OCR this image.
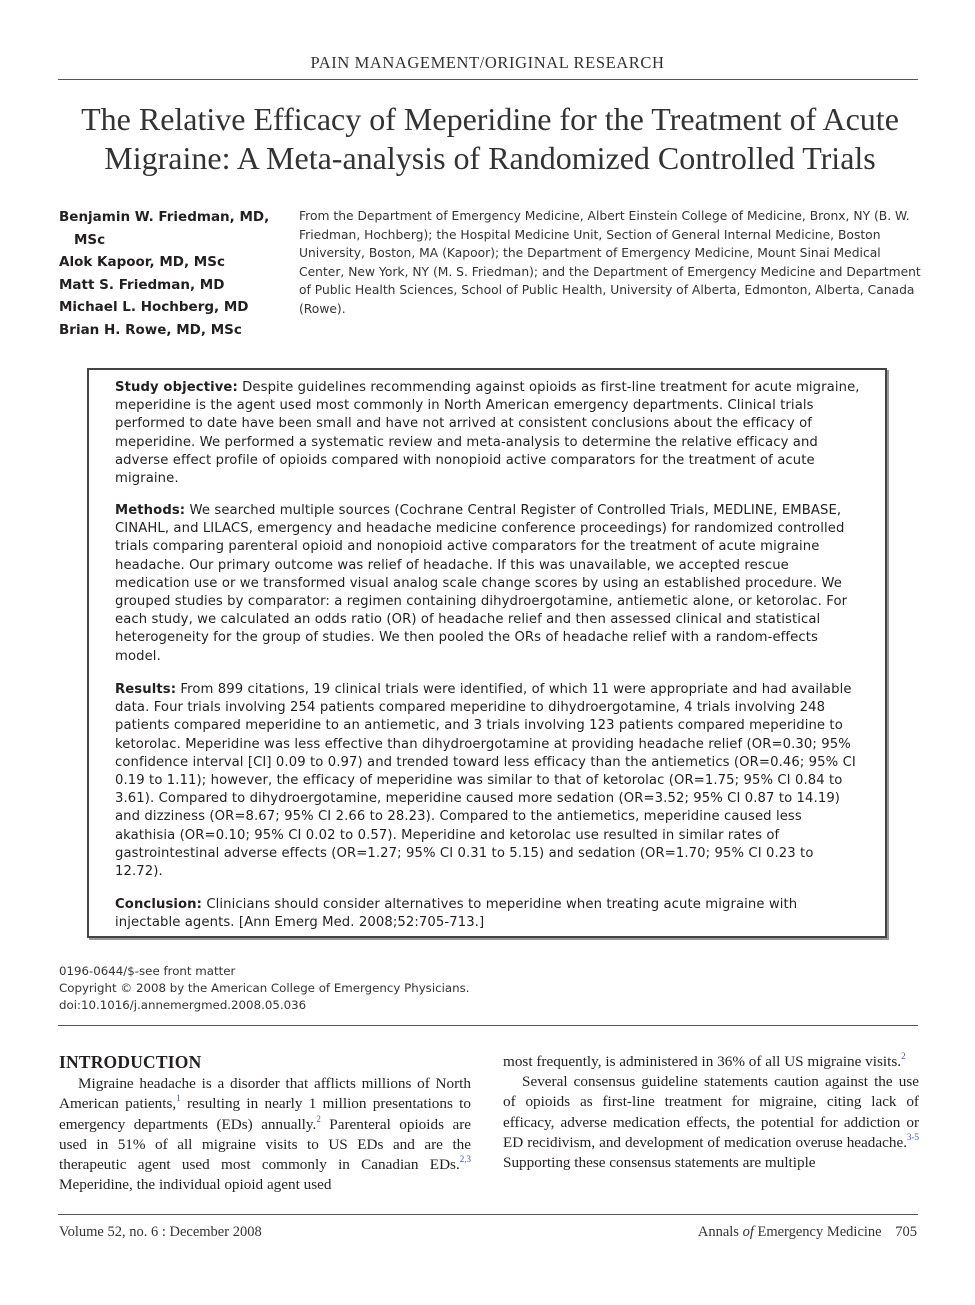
PAIN MANAGEMENT/ORIGINAL RESEARCH
The Relative Efficacy of Meperidine for the Treatment of Acute Migraine: A Meta-analysis of Randomized Controlled Trials
Benjamin W. Friedman, MD,
MSc
Alok Kapoor, MD, MSc
Matt S. Friedman, MD
Michael L. Hochberg, MD
Brian H. Rowe, MD, MSc
From the Department of Emergency Medicine, Albert Einstein College of Medicine, Bronx, NY (B. W. Friedman, Hochberg); the Hospital Medicine Unit, Section of General Internal Medicine, Boston University, Boston, MA (Kapoor); the Department of Emergency Medicine, Mount Sinai Medical Center, New York, NY (M. S. Friedman); and the Department of Emergency Medicine and Department of Public Health Sciences, School of Public Health, University of Alberta, Edmonton, Alberta, Canada (Rowe).

Study objective: Despite guidelines recommending against opioids as first-line treatment for acute migraine, meperidine is the agent used most commonly in North American emergency departments. Clinical trials performed to date have been small and have not arrived at consistent conclusions about the efficacy of meperidine. We performed a systematic review and meta-analysis to determine the relative efficacy and adverse effect profile of opioids compared with nonopioid active comparators for the treatment of acute migraine.

Methods: We searched multiple sources (Cochrane Central Register of Controlled Trials, MEDLINE, EMBASE, CINAHL, and LILACS, emergency and headache medicine conference proceedings) for randomized controlled trials comparing parenteral opioid and nonopioid active comparators for the treatment of acute migraine headache. Our primary outcome was relief of headache. If this was unavailable, we accepted rescue medication use or we transformed visual analog scale change scores by using an established procedure. We grouped studies by comparator: a regimen containing dihydroergotamine, antiemetic alone, or ketorolac. For each study, we calculated an odds ratio (OR) of headache relief and then assessed clinical and statistical heterogeneity for the group of studies. We then pooled the ORs of headache relief with a random-effects model.

Results: From 899 citations, 19 clinical trials were identified, of which 11 were appropriate and had available data. Four trials involving 254 patients compared meperidine to dihydroergotamine, 4 trials involving 248 patients compared meperidine to an antiemetic, and 3 trials involving 123 patients compared meperidine to ketorolac. Meperidine was less effective than dihydroergotamine at providing headache relief (OR=0.30; 95% confidence interval [CI] 0.09 to 0.97) and trended toward less efficacy than the antiemetics (OR=0.46; 95% CI 0.19 to 1.11); however, the efficacy of meperidine was similar to that of ketorolac (OR=1.75; 95% CI 0.84 to 3.61). Compared to dihydroergotamine, meperidine caused more sedation (OR=3.52; 95% CI 0.87 to 14.19) and dizziness (OR=8.67; 95% CI 2.66 to 28.23). Compared to the antiemetics, meperidine caused less akathisia (OR=0.10; 95% CI 0.02 to 0.57). Meperidine and ketorolac use resulted in similar rates of gastrointestinal adverse effects (OR=1.27; 95% CI 0.31 to 5.15) and sedation (OR=1.70; 95% CI 0.23 to 12.72).

Conclusion: Clinicians should consider alternatives to meperidine when treating acute migraine with injectable agents. [Ann Emerg Med. 2008;52:705-713.]

0196-0644/$-see front matter
Copyright © 2008 by the American College of Emergency Physicians.
doi:10.1016/j.annemergmed.2008.05.036
INTRODUCTION

Migraine headache is a disorder that afflicts millions of North American patients,$^1$ resulting in nearly 1 million presentations to emergency departments (EDs) annually.$^2$ Parenteral opioids are used in 51% of all migraine visits to US EDs and are the therapeutic agent used most commonly in Canadian EDs.$^{2,3}$ Meperidine, the individual opioid agent used

most frequently, is administered in 36% of all US migraine visits.$^2$

Several consensus guideline statements caution against the use of opioids as first-line treatment for migraine, citing lack of efficacy, adverse medication effects, the potential for addiction or ED recidivism, and development of medication overuse headache.$^{3-5}$ Supporting these consensus statements are multiple

Volume 52, no. 6 : December 2008	Annals of Emergency Medicine 705
